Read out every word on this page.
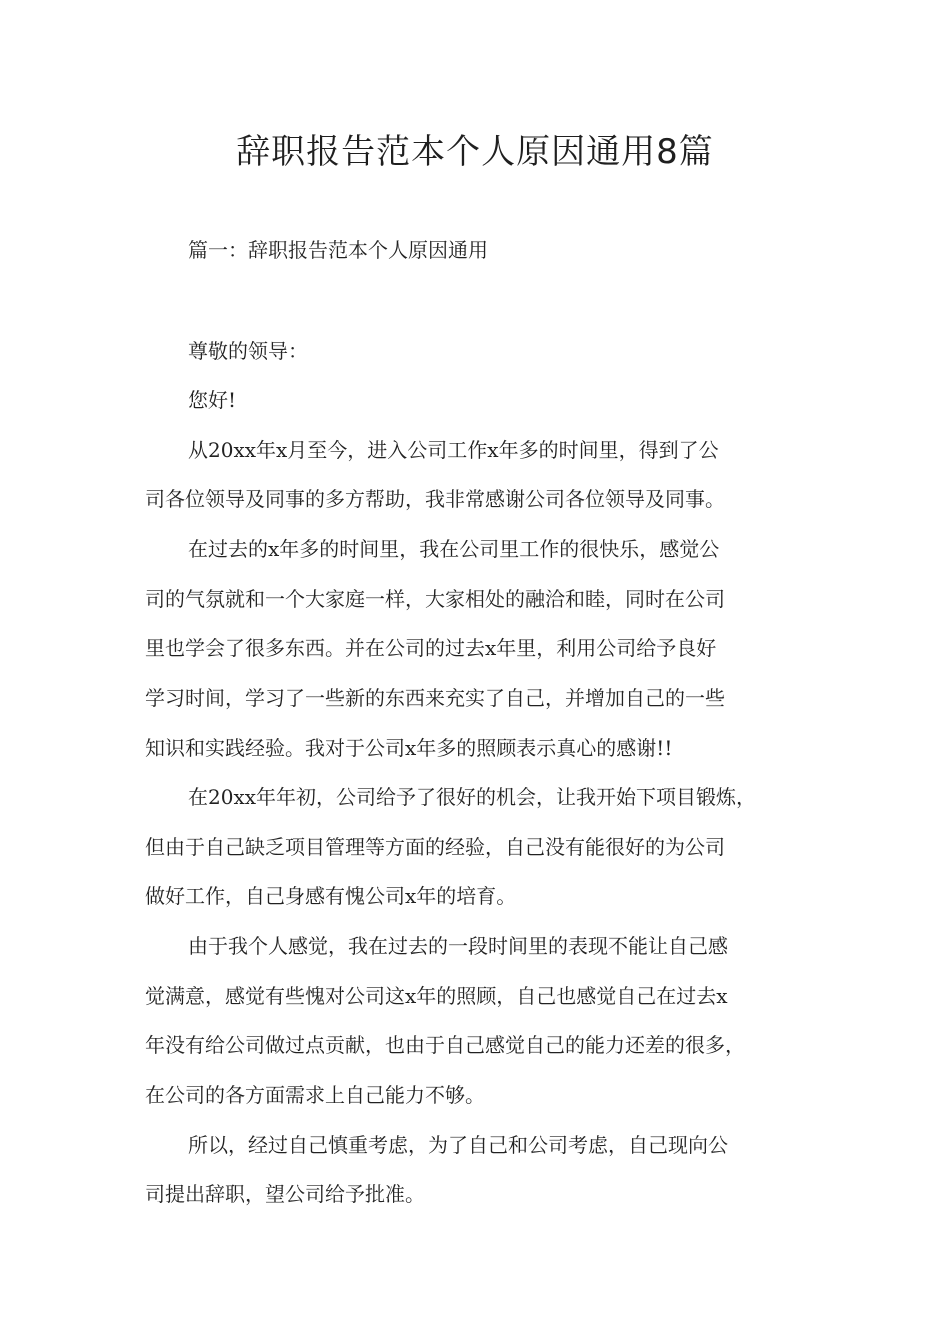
辞职报告范本个人原因通用8篇
篇一：辞职报告范本个人原因通用
尊敬的领导：
您好!
从20xx年x月至今，进入公司工作x年多的时间里，得到了公
司各位领导及同事的多方帮助，我非常感谢公司各位领导及同事。
在过去的x年多的时间里，我在公司里工作的很快乐，感觉公
司的气氛就和一个大家庭一样，大家相处的融洽和睦，同时在公司
里也学会了很多东西。并在公司的过去x年里，利用公司给予良好
学习时间，学习了一些新的东西来充实了自己，并增加自己的一些
知识和实践经验。我对于公司x年多的照顾表示真心的感谢!!
在20xx年年初，公司给予了很好的机会，让我开始下项目锻炼，
但由于自己缺乏项目管理等方面的经验，自己没有能很好的为公司
做好工作，自己身感有愧公司x年的培育。
由于我个人感觉，我在过去的一段时间里的表现不能让自己感
觉满意，感觉有些愧对公司这x年的照顾，自己也感觉自己在过去x
年没有给公司做过点贡献，也由于自己感觉自己的能力还差的很多，
在公司的各方面需求上自己能力不够。
所以，经过自己慎重考虑，为了自己和公司考虑，自己现向公
司提出辞职，望公司给予批准。
